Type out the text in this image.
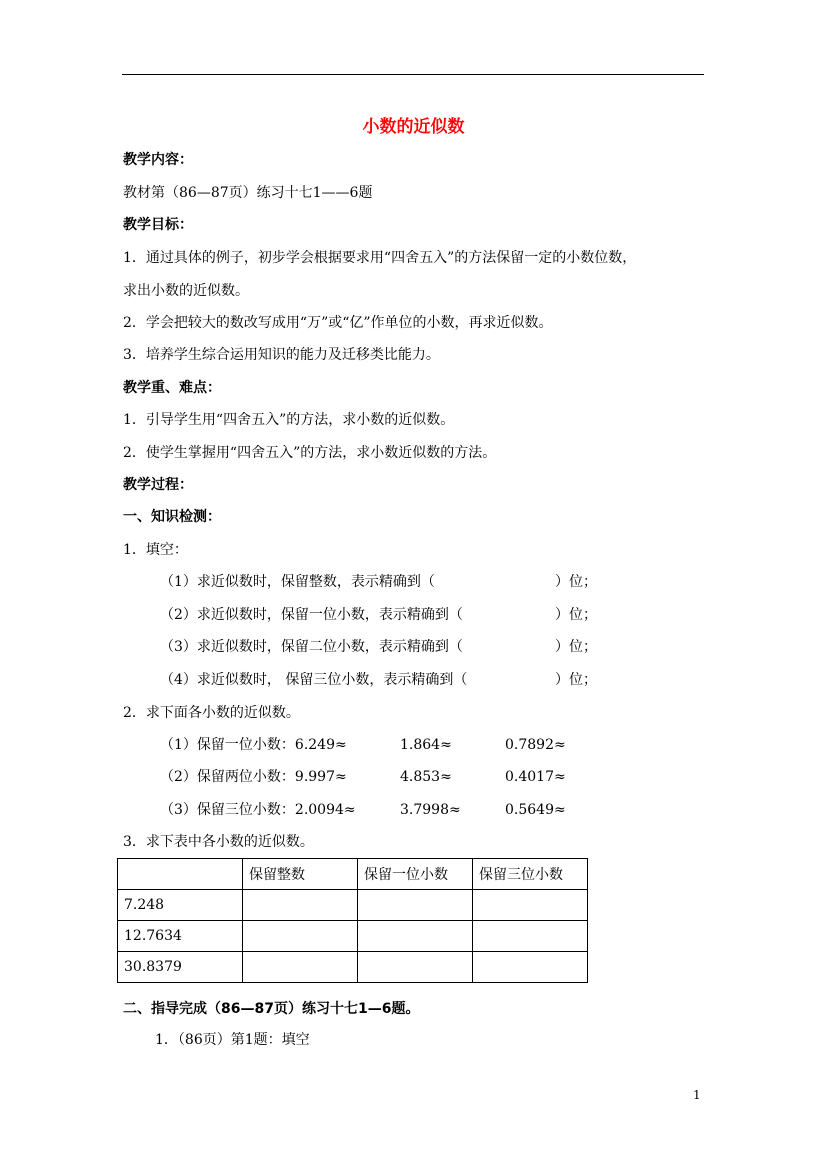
小数的近似数
教学内容：
教材第（86—87页）练习十七1——6题
教学目标：
1．通过具体的例子，初步学会根据要求用“四舍五入”的方法保留一定的小数位数，
求出小数的近似数。
2．学会把较大的数改写成用“万”或“亿”作单位的小数，再求近似数。
3．培养学生综合运用知识的能力及迁移类比能力。
教学重、难点：
1．引导学生用“四舍五入”的方法，求小数的近似数。
2．使学生掌握用“四舍五入”的方法，求小数近似数的方法。
教学过程：
一、知识检测：
1．填空：
（1）求近似数时，保留整数，表示精确到（	）位；
（2）求近似数时，保留一位小数，表示精确到（	）位；
（3）求近似数时，保留二位小数，表示精确到（	）位；
（4）求近似数时， 保留三位小数，表示精确到（	）位；
2．求下面各小数的近似数。
（1）保留一位小数：6.249≈	1.864≈	0.7892≈
（2）保留两位小数：9.997≈	4.853≈	0.4017≈
（3）保留三位小数：2.0094≈	3.7998≈	0.5649≈
3．求下表中各小数的近似数。
	保留整数	保留一位小数	保留三位小数
7.248			
12.7634			
30.8379			
二、指导完成（86—87页）练习十七1—6题。
1．（86页）第1题：填空
1
